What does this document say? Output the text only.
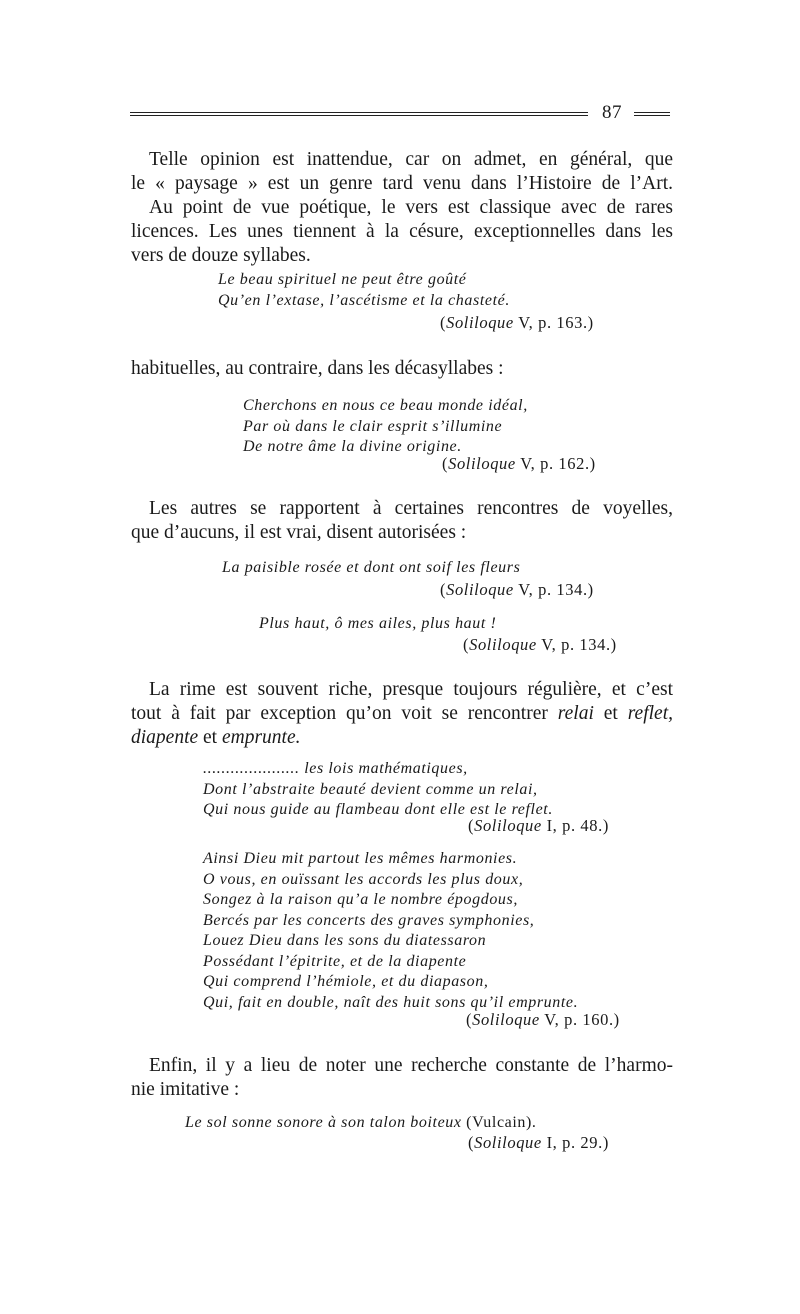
87
Telle opinion est inattendue, car on admet, en général, que
le « paysage » est un genre tard venu dans l’Histoire de l’Art.
Au point de vue poétique, le vers est classique avec de rares
licences. Les unes tiennent à la césure, exceptionnelles dans les
vers de douze syllabes.
Le beau spirituel ne peut être goûté
Qu’en l’extase, l’ascétisme et la chasteté.
(Soliloque V, p. 163.)
habituelles, au contraire, dans les décasyllabes :
Cherchons en nous ce beau monde idéal,
Par où dans le clair esprit s’illumine
De notre âme la divine origine.
(Soliloque V, p. 162.)
Les autres se rapportent à certaines rencontres de voyelles,
que d’aucuns, il est vrai, disent autorisées :
La paisible rosée et dont ont soif les fleurs
(Soliloque V, p. 134.)
Plus haut, ô mes ailes, plus haut !
(Soliloque V, p. 134.)
La rime est souvent riche, presque toujours régulière, et c’est
tout à fait par exception qu’on voit se rencontrer relai et reflet,
diapente et emprunte.
..................... les lois mathématiques,
Dont l’abstraite beauté devient comme un relai,
Qui nous guide au flambeau dont elle est le reflet.
(Soliloque I, p. 48.)
Ainsi Dieu mit partout les mêmes harmonies.
O vous, en ouïssant les accords les plus doux,
Songez à la raison qu’a le nombre épogdous,
Bercés par les concerts des graves symphonies,
Louez Dieu dans les sons du diatessaron
Possédant l’épitrite, et de la diapente
Qui comprend l’hémiole, et du diapason,
Qui, fait en double, naît des huit sons qu’il emprunte.
(Soliloque V, p. 160.)
Enfin, il y a lieu de noter une recherche constante de l’harmo-
nie imitative :
Le sol sonne sonore à son talon boiteux (Vulcain).
(Soliloque I, p. 29.)
